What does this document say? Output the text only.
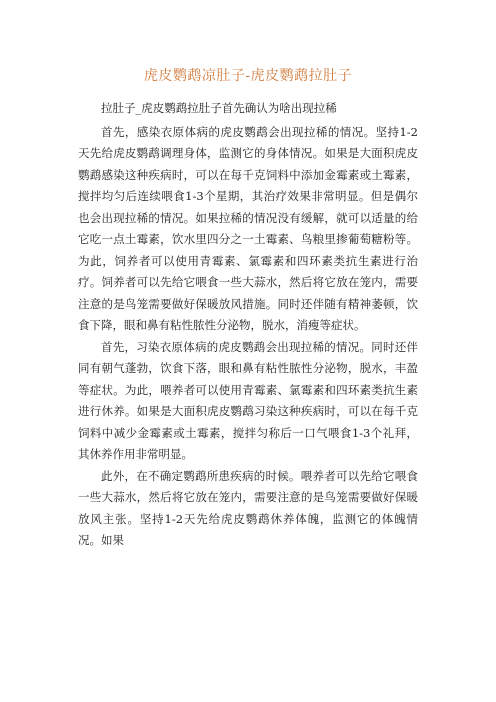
虎皮鹦鹉凉肚子-虎皮鹦鹉拉肚子

拉肚子_虎皮鹦鹉拉肚子首先确认为啥出现拉稀

首先，感染衣原体病的虎皮鹦鹉会出现拉稀的情况。坚持1-2天先给虎皮鹦鹉调理身体，监测它的身体情况。如果是大面积虎皮鹦鹉感染这种疾病时，可以在每千克饲料中添加金霉素或土霉素，搅拌均匀后连续喂食1-3个星期，其治疗效果非常明显。但是偶尔也会出现拉稀的情况。如果拉稀的情况没有缓解，就可以适量的给它吃一点土霉素，饮水里四分之一土霉素、鸟粮里掺葡萄糖粉等。为此，饲养者可以使用青霉素、氯霉素和四环素类抗生素进行治疗。饲养者可以先给它喂食一些大蒜水，然后将它放在笼内，需要注意的是鸟笼需要做好保暖放风措施。同时还伴随有精神萎顿，饮食下降，眼和鼻有粘性脓性分泌物，脱水，消瘦等症状。

首先，习染衣原体病的虎皮鹦鹉会出现拉稀的情况。同时还伴同有朝气蓬勃，饮食下落，眼和鼻有粘性脓性分泌物，脱水，丰盈等症状。为此，喂养者可以使用青霉素、氯霉素和四环素类抗生素进行休养。如果是大面积虎皮鹦鹉习染这种疾病时，可以在每千克饲料中减少金霉素或土霉素，搅拌匀称后一口气喂食1-3个礼拜，其休养作用非常明显。

此外，在不确定鹦鹉所患疾病的时候。喂养者可以先给它喂食一些大蒜水，然后将它放在笼内，需要注意的是鸟笼需要做好保暖放风主张。坚持1-2天先给虎皮鹦鹉休养体魄，监测它的体魄情况。如果
